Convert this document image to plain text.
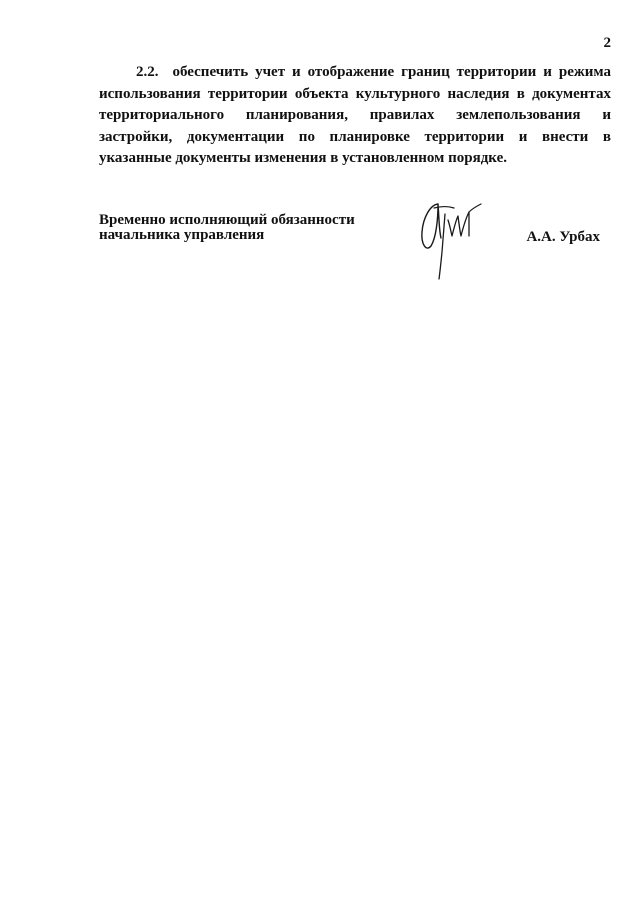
2

2.2. обеспечить учет и отображение границ территории и режима использования территории объекта культурного наследия в документах территориального планирования, правилах землепользования и застройки, документации по планировке территории и внести в указанные документы изменения в установленном порядке.

Временно исполняющий обязанности
начальника управления	А.А. Урбах
